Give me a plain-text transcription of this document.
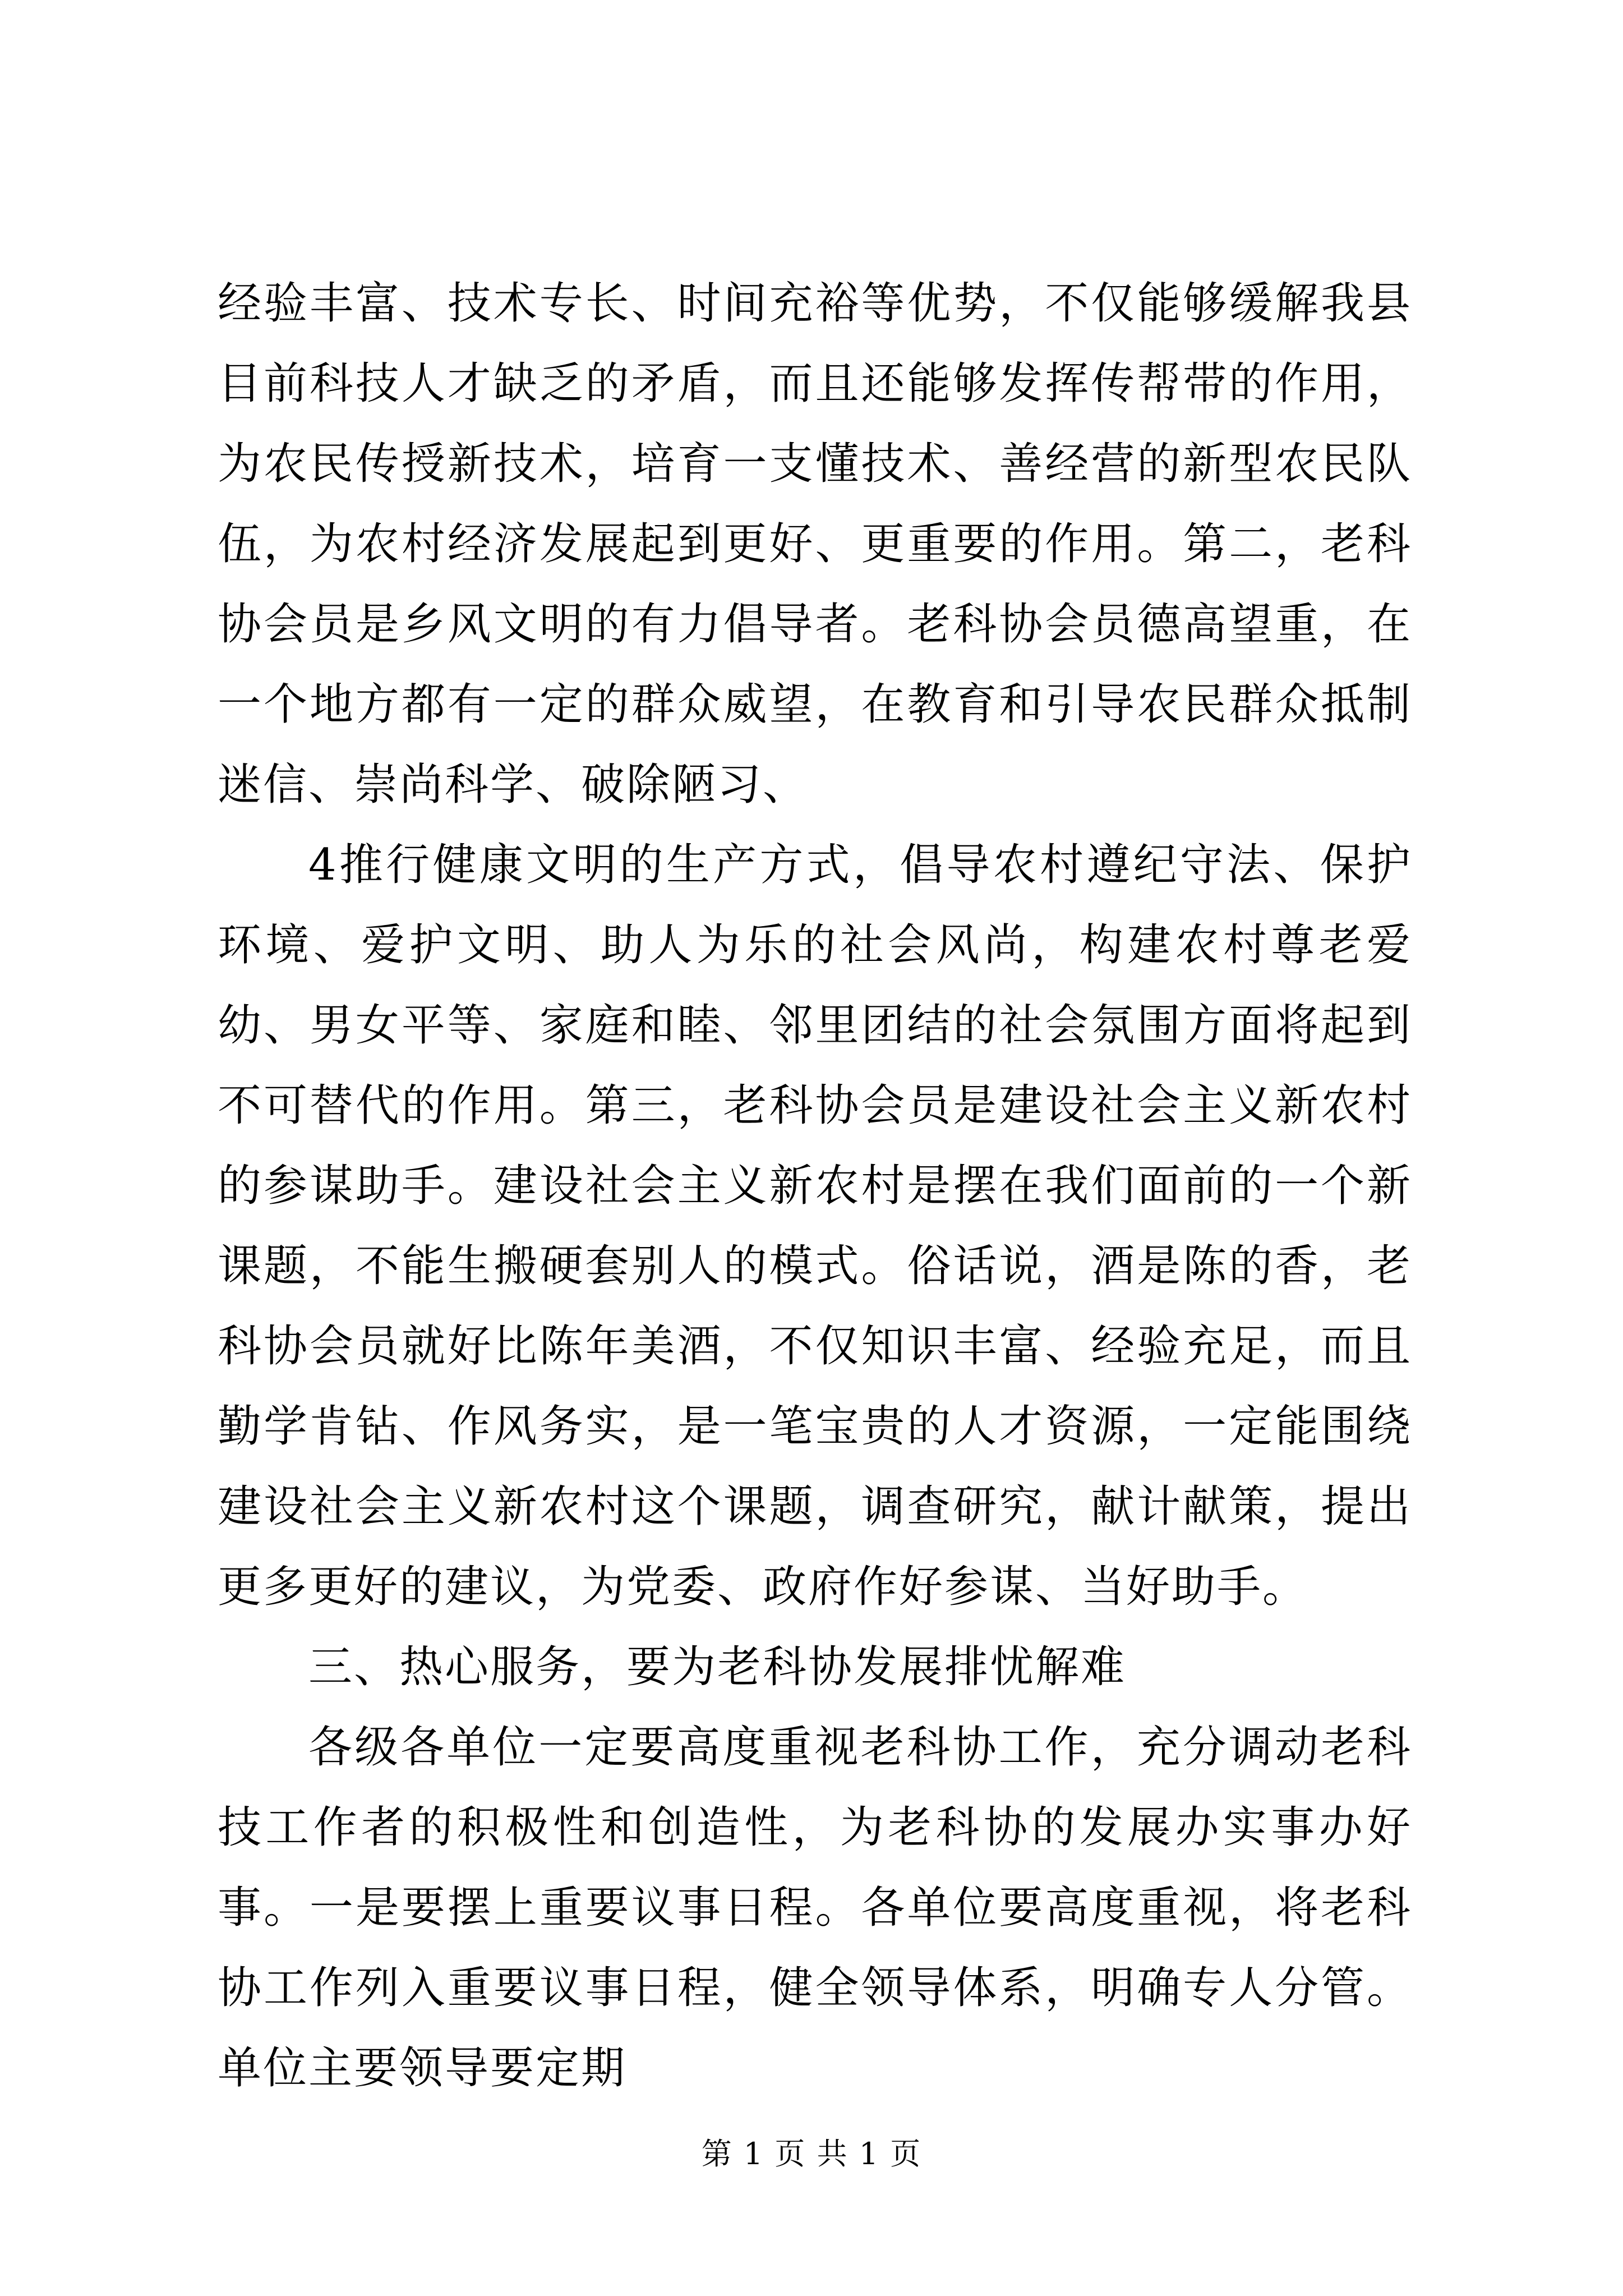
经验丰富、技术专长、时间充裕等优势，不仅能够缓解我县目前科技人才缺乏的矛盾，而且还能够发挥传帮带的作用，为农民传授新技术，培育一支懂技术、善经营的新型农民队伍，为农村经济发展起到更好、更重要的作用。第二，老科协会员是乡风文明的有力倡导者。老科协会员德高望重，在一个地方都有一定的群众威望，在教育和引导农民群众抵制迷信、崇尚科学、破除陋习、

4推行健康文明的生产方式，倡导农村遵纪守法、保护环境、爱护文明、助人为乐的社会风尚，构建农村尊老爱幼、男女平等、家庭和睦、邻里团结的社会氛围方面将起到不可替代的作用。第三，老科协会员是建设社会主义新农村的参谋助手。建设社会主义新农村是摆在我们面前的一个新课题，不能生搬硬套别人的模式。俗话说，酒是陈的香，老科协会员就好比陈年美酒，不仅知识丰富、经验充足，而且勤学肯钻、作风务实，是一笔宝贵的人才资源，一定能围绕建设社会主义新农村这个课题，调查研究，献计献策，提出更多更好的建议，为党委、政府作好参谋、当好助手。

三、热心服务，要为老科协发展排忧解难

各级各单位一定要高度重视老科协工作，充分调动老科技工作者的积极性和创造性，为老科协的发展办实事办好事。一是要摆上重要议事日程。各单位要高度重视，将老科协工作列入重要议事日程，健全领导体系，明确专人分管。单位主要领导要定期

第 1 页 共 1 页
